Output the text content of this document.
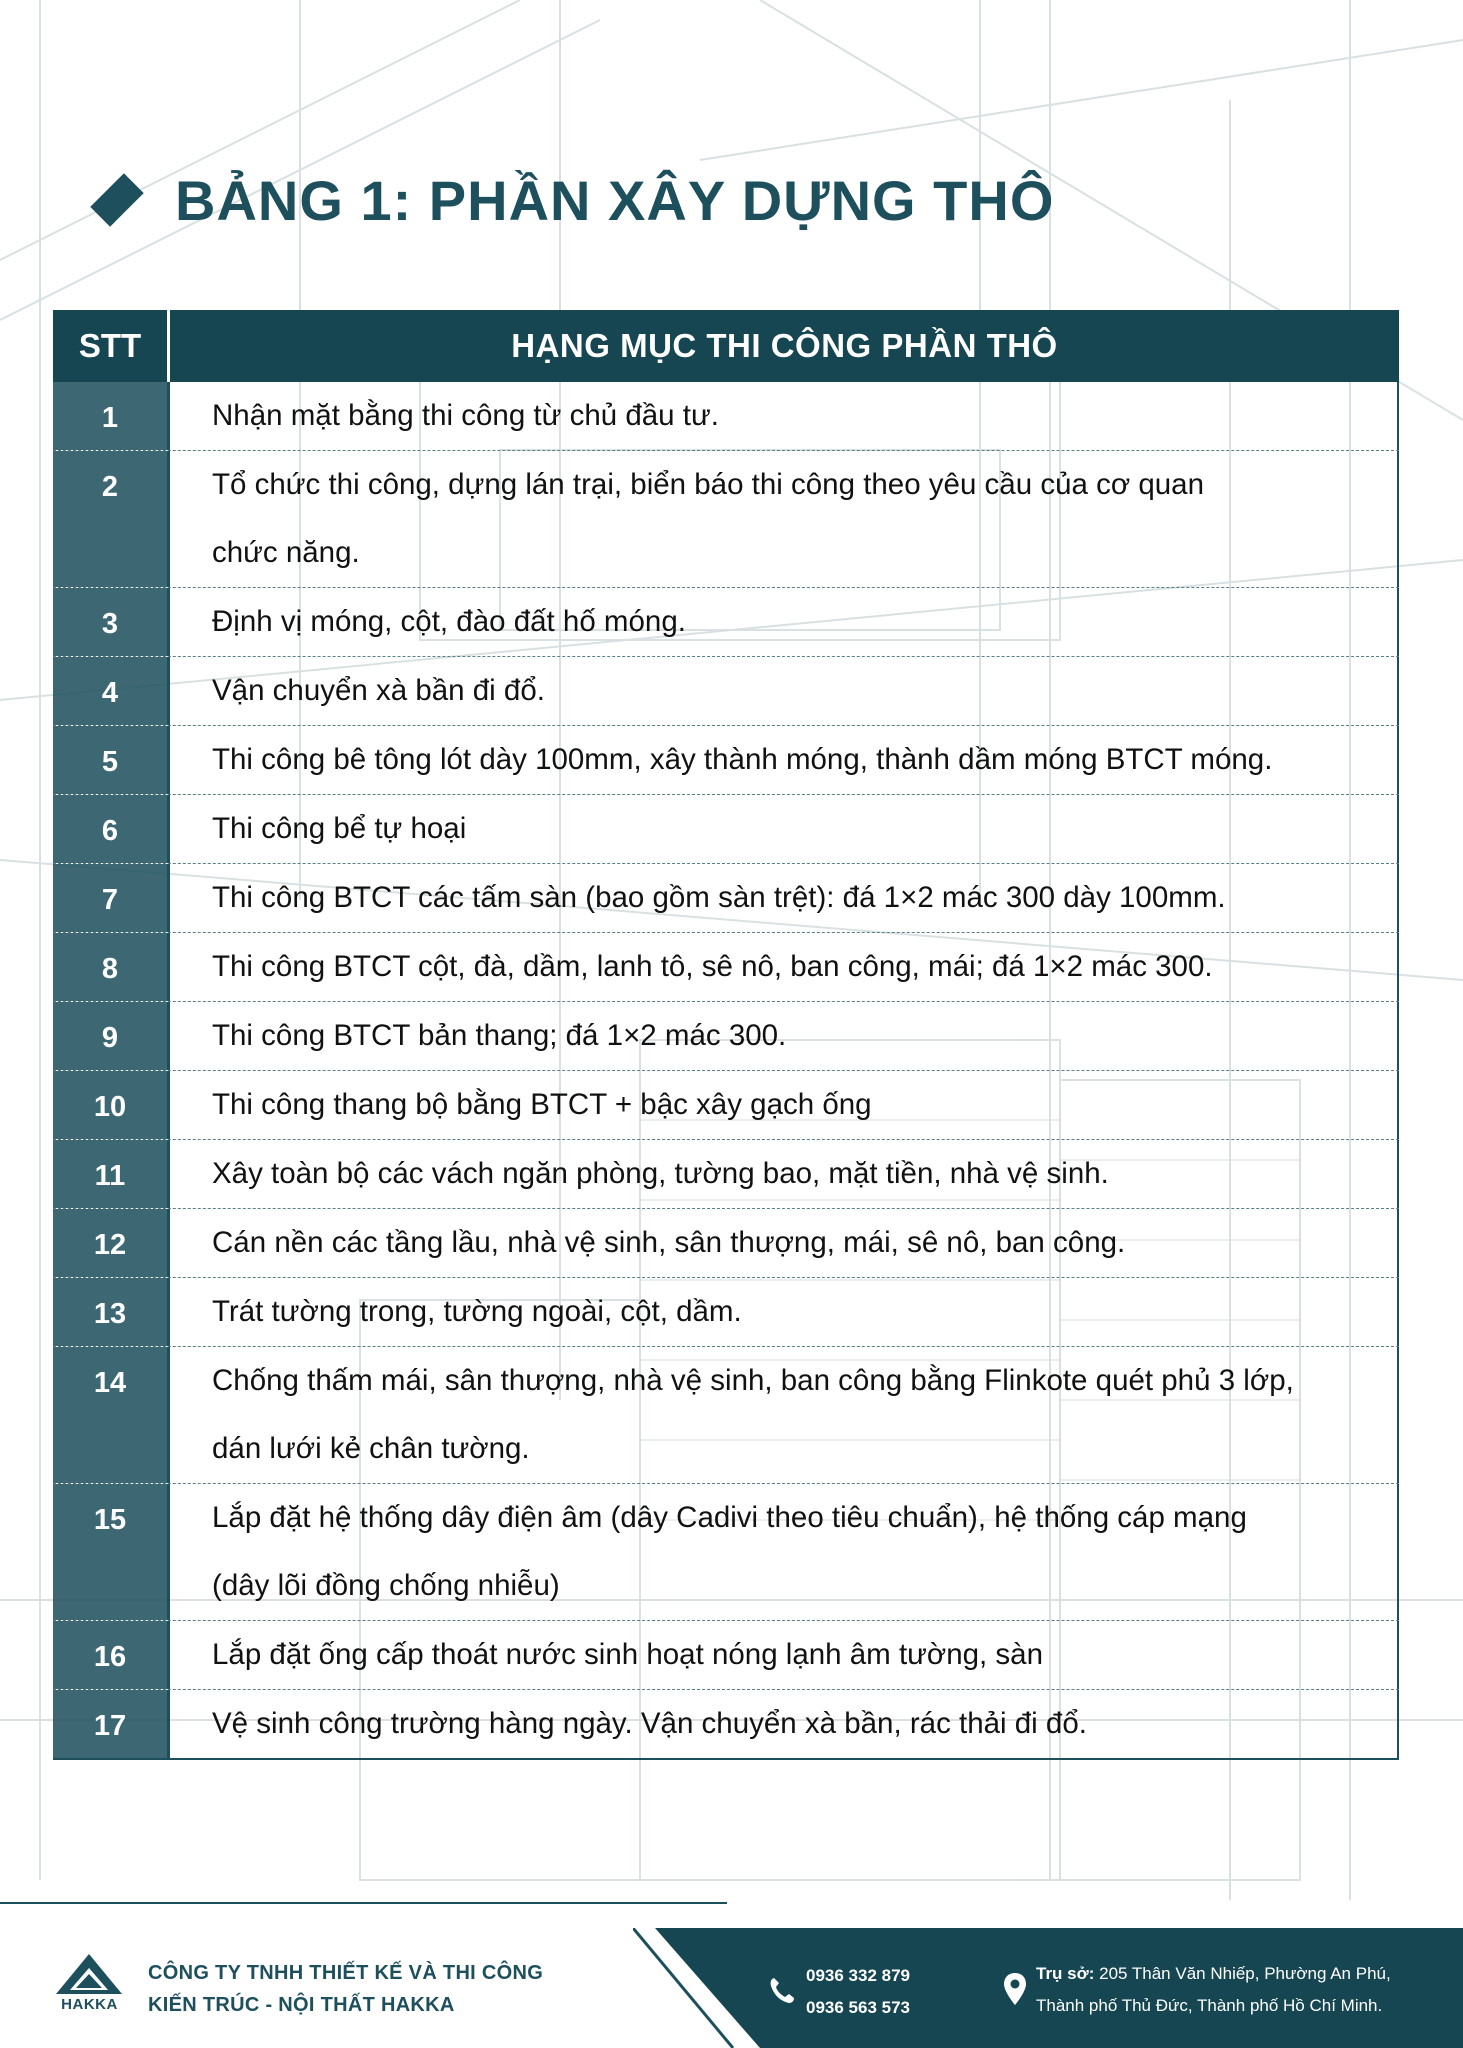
BẢNG 1: PHẦN XÂY DỰNG THÔ
STT	HẠNG MỤC THI CÔNG PHẦN THÔ
1	Nhận mặt bằng thi công từ chủ đầu tư.
2	Tổ chức thi công, dựng lán trại, biển báo thi công theo yêu cầu của cơ quan
chức năng.
3	Định vị móng, cột, đào đất hố móng.
4	Vận chuyển xà bần đi đổ.
5	Thi công bê tông lót dày 100mm, xây thành móng, thành dầm móng BTCT móng.
6	Thi công bể tự hoại
7	Thi công BTCT các tấm sàn (bao gồm sàn trệt): đá 1×2 mác 300 dày 100mm.
8	Thi công BTCT cột, đà, dầm, lanh tô, sê nô, ban công, mái; đá 1×2 mác 300.
9	Thi công BTCT bản thang; đá 1×2 mác 300.
10	Thi công thang bộ bằng BTCT + bậc xây gạch ống
11	Xây toàn bộ các vách ngăn phòng, tường bao, mặt tiền, nhà vệ sinh.
12	Cán nền các tầng lầu, nhà vệ sinh, sân thượng, mái, sê nô, ban công.
13	Trát tường trong, tường ngoài, cột, dầm.
14	Chống thấm mái, sân thượng, nhà vệ sinh, ban công bằng Flinkote quét phủ 3 lớp,
dán lưới kẻ chân tường.
15	Lắp đặt hệ thống dây điện âm (dây Cadivi theo tiêu chuẩn), hệ thống cáp mạng
(dây lõi đồng chống nhiễu)
16	Lắp đặt ống cấp thoát nước sinh hoạt nóng lạnh âm tường, sàn
17	Vệ sinh công trường hàng ngày. Vận chuyển xà bần, rác thải đi đổ.
HAKKA
CÔNG TY TNHH THIẾT KẾ VÀ THI CÔNG
KIẾN TRÚC - NỘI THẤT HAKKA
0936 332 879
0936 563 573
Trụ sở: 205 Thân Văn Nhiếp, Phường An Phú,
Thành phố Thủ Đức, Thành phố Hồ Chí Minh.
